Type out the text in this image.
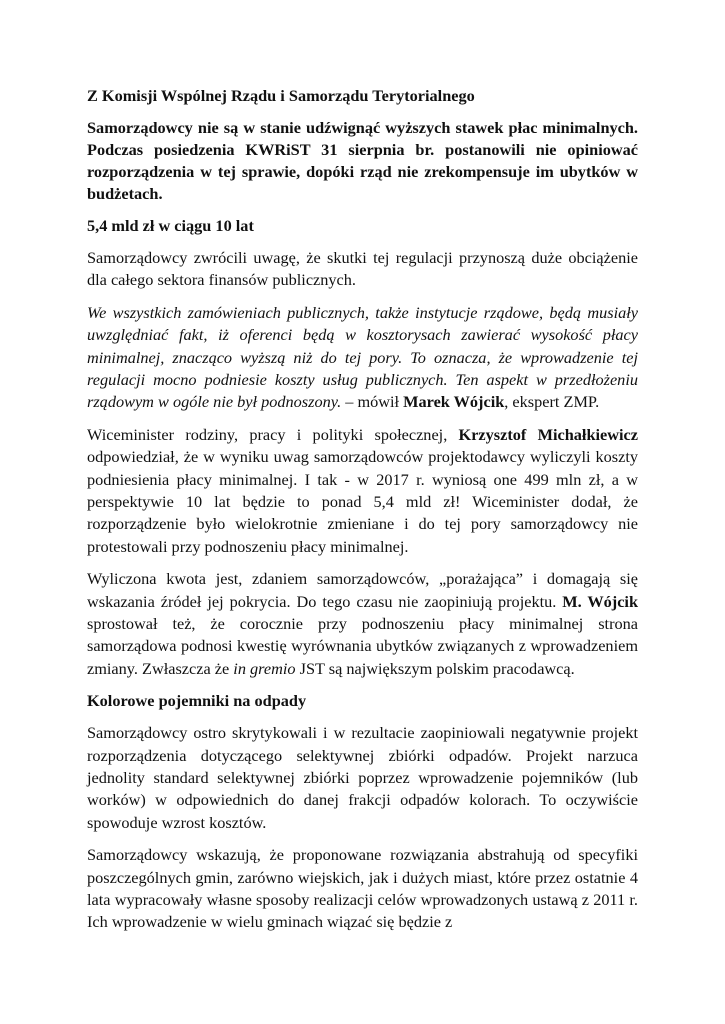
Z Komisji Wspólnej Rządu i Samorządu Terytorialnego
Samorządowcy nie są w stanie udźwignąć wyższych stawek płac minimalnych. Podczas posiedzenia KWRiST 31 sierpnia br. postanowili nie opiniować rozporządzenia w tej sprawie, dopóki rząd nie zrekompensuje im ubytków w budżetach.
5,4 mld zł w ciągu 10 lat

Samorządowcy zwrócili uwagę, że skutki tej regulacji przynoszą duże obciążenie dla całego sektora finansów publicznych.

We wszystkich zamówieniach publicznych, także instytucje rządowe, będą musiały uwzględniać fakt, iż oferenci będą w kosztorysach zawierać wysokość płacy minimalnej, znacząco wyższą niż do tej pory. To oznacza, że wprowadzenie tej regulacji mocno podniesie koszty usług publicznych. Ten aspekt w przedłożeniu rządowym w ogóle nie był podnoszony. – mówił Marek Wójcik, ekspert ZMP.

Wiceminister rodziny, pracy i polityki społecznej, Krzysztof Michałkiewicz odpowiedział, że w wyniku uwag samorządowców projektodawcy wyliczyli koszty podniesienia płacy minimalnej. I tak - w 2017 r. wyniosą one 499 mln zł, a w perspektywie 10 lat będzie to ponad 5,4 mld zł! Wiceminister dodał, że rozporządzenie było wielokrotnie zmieniane i do tej pory samorządowcy nie protestowali przy podnoszeniu płacy minimalnej.

Wyliczona kwota jest, zdaniem samorządowców, „porażająca” i domagają się wskazania źródeł jej pokrycia. Do tego czasu nie zaopiniują projektu. M. Wójcik sprostował też, że corocznie przy podnoszeniu płacy minimalnej strona samorządowa podnosi kwestię wyrównania ubytków związanych z wprowadzeniem zmiany. Zwłaszcza że in gremio JST są największym polskim pracodawcą.

Kolorowe pojemniki na odpady

Samorządowcy ostro skrytykowali i w rezultacie zaopiniowali negatywnie projekt rozporządzenia dotyczącego selektywnej zbiórki odpadów. Projekt narzuca jednolity standard selektywnej zbiórki poprzez wprowadzenie pojemników (lub worków) w odpowiednich do danej frakcji odpadów kolorach. To oczywiście spowoduje wzrost kosztów.

Samorządowcy wskazują, że proponowane rozwiązania abstrahują od specyfiki poszczególnych gmin, zarówno wiejskich, jak i dużych miast, które przez ostatnie 4 lata wypracowały własne sposoby realizacji celów wprowadzonych ustawą z 2011 r. Ich wprowadzenie w wielu gminach wiązać się będzie z
